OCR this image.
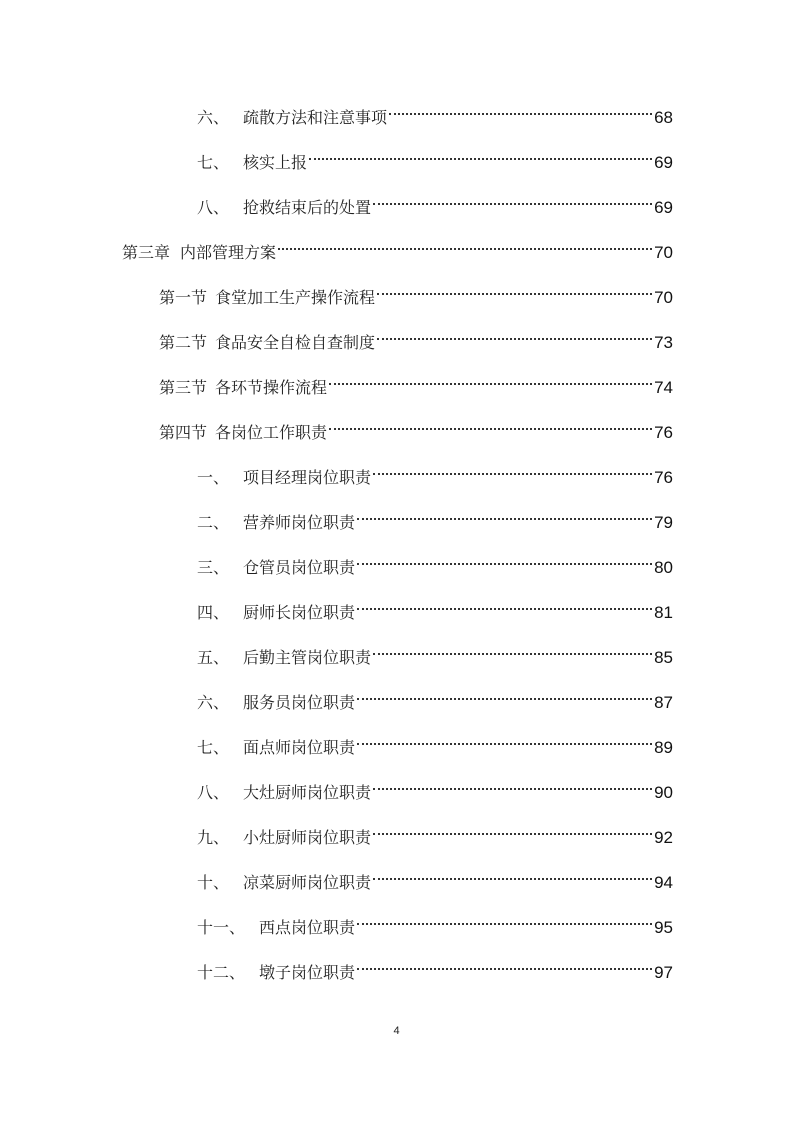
六、 疏散方法和注意事项	68
七、 核实上报	69
八、 抢救结束后的处置	69
第三章 内部管理方案	70
第一节 食堂加工生产操作流程	70
第二节 食品安全自检自查制度	73
第三节 各环节操作流程	74
第四节 各岗位工作职责	76
一、 项目经理岗位职责	76
二、 营养师岗位职责	79
三、 仓管员岗位职责	80
四、 厨师长岗位职责	81
五、 后勤主管岗位职责	85
六、 服务员岗位职责	87
七、 面点师岗位职责	89
八、 大灶厨师岗位职责	90
九、 小灶厨师岗位职责	92
十、 凉菜厨师岗位职责	94
十一、 西点岗位职责	95
十二、 墩子岗位职责	97
4
